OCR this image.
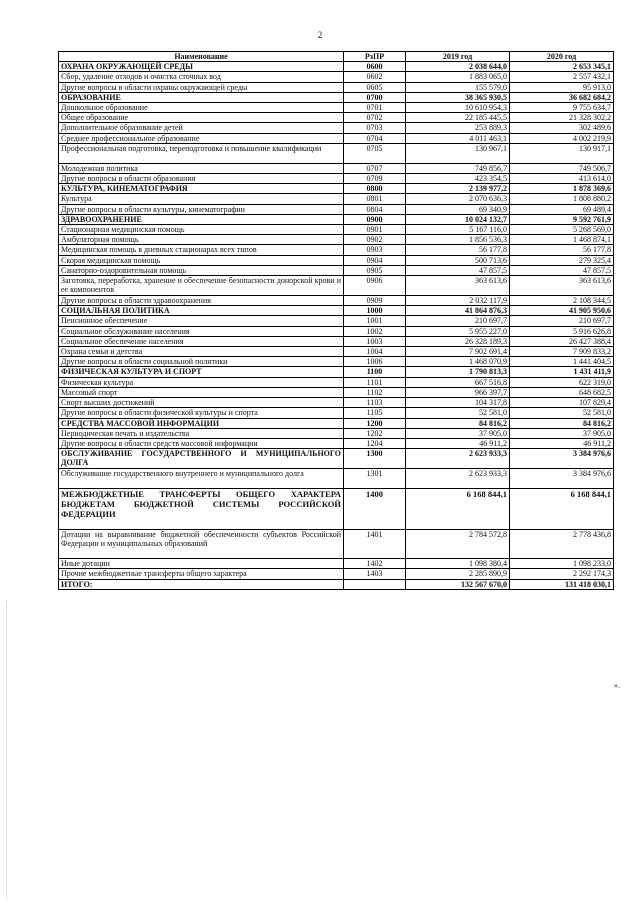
2
Наименование	РзПР	2019 год	2020 год
ОХРАНА ОКРУЖАЮЩЕЙ СРЕДЫ	0600	2 038 644,0	2 653 345,1
Сбор, удаление отходов и очистка сточных вод	0602	1 883 065,0	2 557 432,1
Другие вопросы в области охраны окружающей среды	0605	155 579,0	95 913,0
ОБРАЗОВАНИЕ	0700	38 365 930,5	36 682 684,2
Дошкольное образование	0701	10 610 954,3	9 755 634,7
Общее образование	0702	22 185 445,5	21 328 302,2
Дополнительное образование детей	0703	253 889,3	302 489,6
Среднее профессиональное образование	0704	4 011 463,1	4 002 219,9
Профессиональная подготовка, переподготовка и повышение квалификации	0705	130 967,1	130 917,1
Молодежная политика	0707	749 856,7	749 506,7
Другие вопросы в области образования	0709	423 354,5	413 614,0
КУЛЬТУРА, КИНЕМАТОГРАФИЯ	0800	2 139 977,2	1 878 369,6
Культура	0801	2 070 636,3	1 808 880,2
Другие вопросы в области культуры, кинематографии	0804	69 340,9	69 489,4
ЗДРАВООХРАНЕНИЕ	0900	10 024 132,7	9 592 761,9
Стационарная медицинская помощь	0901	5 167 116,0	5 268 569,0
Амбулаторная помощь	0902	1 856 536,3	1 468 874,1
Медицинская помощь в дневных стационарах всех типов	0903	56 177,8	56 177,8
Скорая медицинская помощь	0904	500 713,6	279 325,4
Санаторно-оздоровительная помощь	0905	47 857,5	47 857,5
Заготовка, переработка, хранение и обеспечение безопасности донорской крови и ее компонентов	0906	363 613,6	363 613,6
Другие вопросы в области здравоохранения	0909	2 032 117,9	2 108 344,5
СОЦИАЛЬНАЯ ПОЛИТИКА	1000	41 864 876,3	41 905 950,6
Пенсионное обеспечение	1001	210 697,7	210 697,7
Социальное обслуживание населения	1002	5 955 227,0	5 916 626,8
Социальное обеспечение населения	1003	26 328 189,3	26 427 388,4
Охрана семьи и детства	1004	7 902 691,4	7 909 833,2
Другие вопросы в области социальной политики	1006	1 468 070,9	1 441 404,5
ФИЗИЧЕСКАЯ КУЛЬТУРА И СПОРТ	1100	1 790 813,3	1 431 411,9
Физическая культура	1101	667 516,8	622 319,0
Массовый спорт	1102	966 397,7	648 682,5
Спорт высших достижений	1103	104 317,8	107 829,4
Другие вопросы в области физической культуры и спорта	1105	52 581,0	52 581,0
СРЕДСТВА МАССОВОЙ ИНФОРМАЦИИ	1200	84 816,2	84 816,2
Периодическая печать и издательства	1202	37 905,0	37 905,0
Другие вопросы в области средств массовой информации	1204	46 911,2	46 911,2
ОБСЛУЖИВАНИЕ ГОСУДАРСТВЕННОГО И МУНИЦИПАЛЬНОГО ДОЛГА	1300	2 623 933,3	3 384 976,6
Обслуживание государственного внутреннего и муниципального долга	1301	2 623 933,3	3 384 976,6
МЕЖБЮДЖЕТНЫЕ ТРАНСФЕРТЫ ОБЩЕГО ХАРАКТЕРА БЮДЖЕТАМ БЮДЖЕТНОЙ СИСТЕМЫ РОССИЙСКОЙ ФЕДЕРАЦИИ	1400	6 168 844,1	6 168 844,1
Дотации на выравнивание бюджетной обеспеченности субъектов Российской Федерации и муниципальных образований	1401	2 784 572,8	2 778 436,8
Иные дотации	1402	1 098 380,4	1 098 233,0
Прочие межбюджетные трансферты общего характера	1403	2 285 890,9	2 292 174,3
ИТОГО:		132 567 670,0	131 418 030,1
».
